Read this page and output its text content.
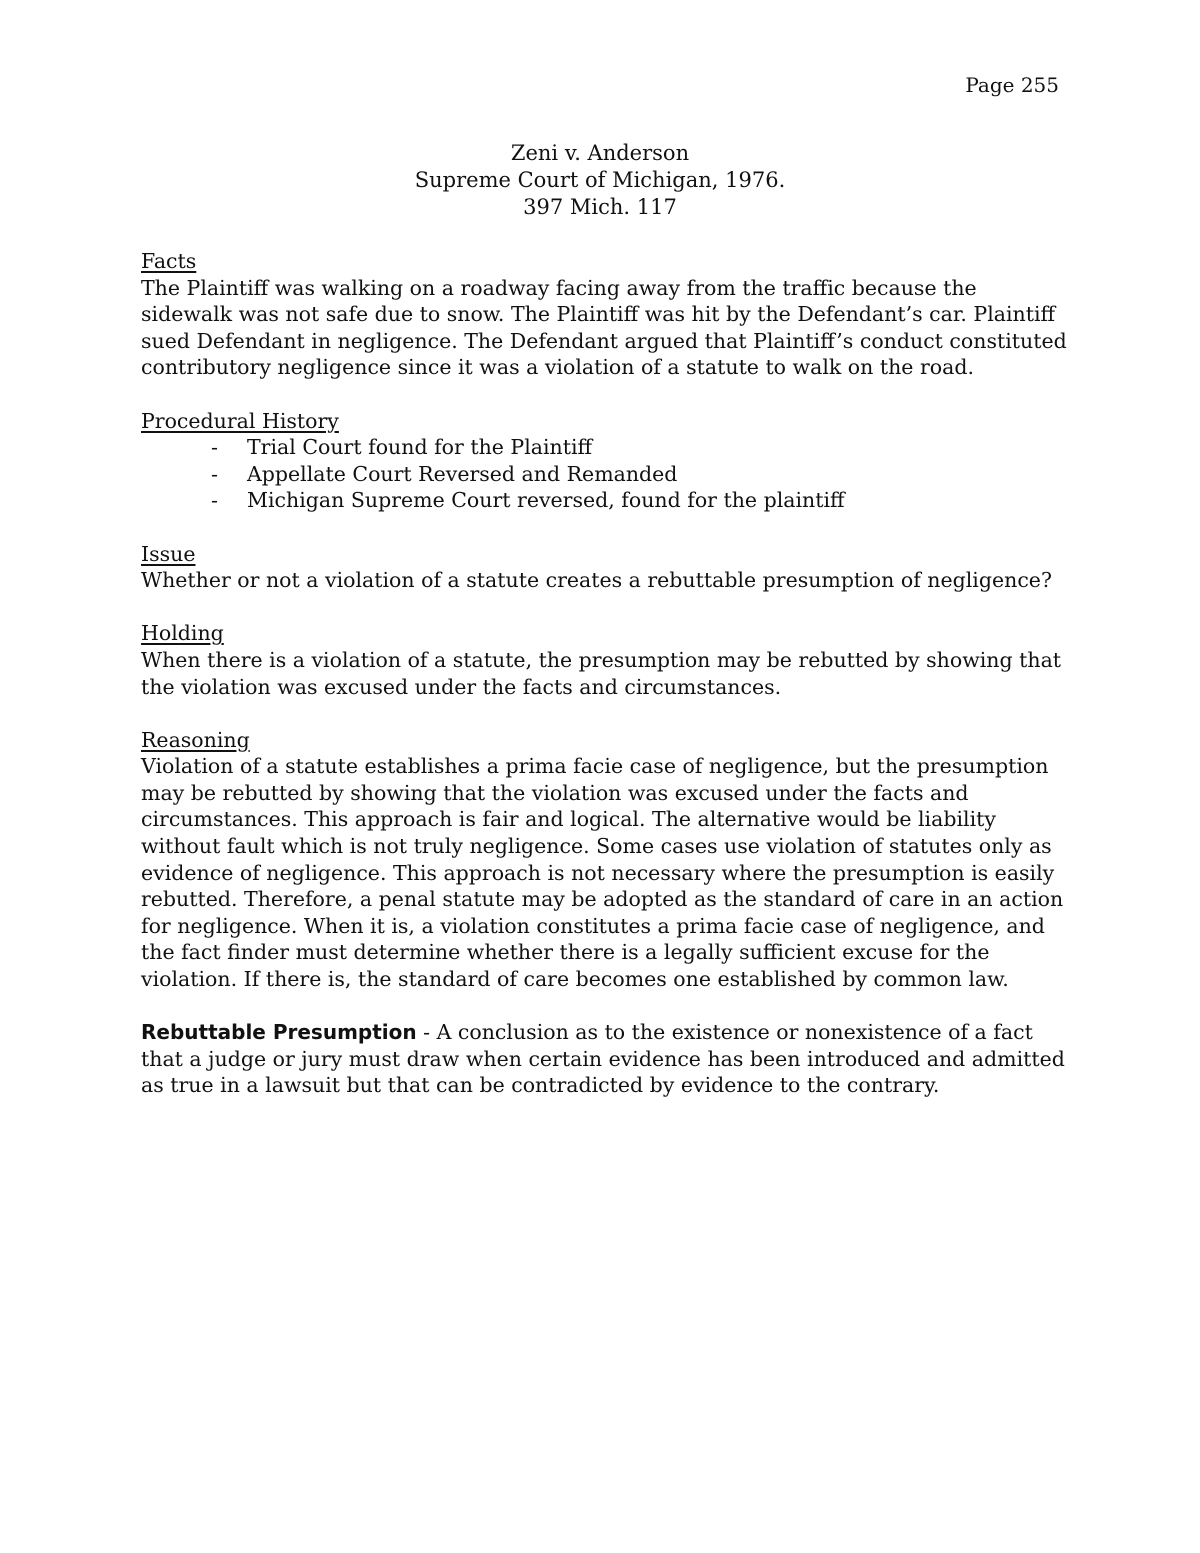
Page 255
Zeni v. Anderson
Supreme Court of Michigan, 1976.
397 Mich. 117
Facts
The Plaintiff was walking on a roadway facing away from the traffic because the
sidewalk was not safe due to snow. The Plaintiff was hit by the Defendant’s car. Plaintiff
sued Defendant in negligence. The Defendant argued that Plaintiff’s conduct constituted
contributory negligence since it was a violation of a statute to walk on the road.
Procedural History
- Trial Court found for the Plaintiff
- Appellate Court Reversed and Remanded
- Michigan Supreme Court reversed, found for the plaintiff
Issue
Whether or not a violation of a statute creates a rebuttable presumption of negligence?
Holding
When there is a violation of a statute, the presumption may be rebutted by showing that
the violation was excused under the facts and circumstances.
Reasoning
Violation of a statute establishes a prima facie case of negligence, but the presumption
may be rebutted by showing that the violation was excused under the facts and
circumstances. This approach is fair and logical. The alternative would be liability
without fault which is not truly negligence. Some cases use violation of statutes only as
evidence of negligence. This approach is not necessary where the presumption is easily
rebutted. Therefore, a penal statute may be adopted as the standard of care in an action
for negligence. When it is, a violation constitutes a prima facie case of negligence, and
the fact finder must determine whether there is a legally sufficient excuse for the
violation. If there is, the standard of care becomes one established by common law.
Rebuttable Presumption - A conclusion as to the existence or nonexistence of a fact
that a judge or jury must draw when certain evidence has been introduced and admitted
as true in a lawsuit but that can be contradicted by evidence to the contrary.
